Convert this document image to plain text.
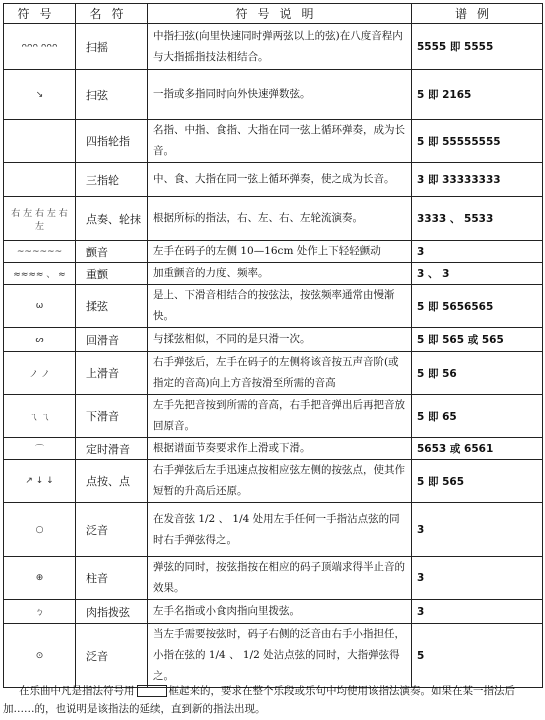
符号	名符	符号说明	谱例
ᴖᴖᴖ ᴖᴖᴖ	扫摇	中指扫弦(向里快速同时弹两弦以上的弦)在八度音程内与大指摇指技法相结合。	5555 即 5555
↘	扫弦	一指或多指同时向外快速弹数弦。	5 即 2165
	四指轮指	名指、中指、食指、大指在同一弦上循环弹奏，成为长音。	5 即 55555555
	三指轮	中、食、大指在同一弦上循环弹奏，使之成为长音。	3 即 33333333
右 左 右 左 右 左	点奏、轮抹	根据所标的指法，右、左、右、左轮流演奏。	3333 、 5533
~~~~~~	颤音	左手在码子的左侧 10—16cm 处作上下轻轻颤动	3
≈≈≈≈ 、 ≈	重颤	加重颤音的力度、频率。	3 、 3
ω	揉弦	是上、下滑音相结合的按弦法，按弦频率通常由慢渐快。	5 即 5656565
ᔕ	回滑音	与揉弦相似，不同的是只滑一次。	5 即 565 或 565
ノ ノ	上滑音	右手弹弦后，左手在码子的左侧将该音按五声音阶(或指定的音高)向上方音按滑至所需的音高	5 即 56
ㄟ ㄟ	下滑音	左手先把音按到所需的音高，右手把音弹出后再把音放回原音。	5 即 65
⌒	定时滑音	根据谱面节奏要求作上滑或下滑。	5653 或 6561
↗ ↓ ↓	点按、点	右手弹弦后左手迅速点按相应弦左侧的按弦点，使其作短暂的升高后还原。	5 即 565
○	泛音	在发音弦 1/2 、 1/4 处用左手任何一手指沾点弦的同时右手弹弦得之。	3
⊕	柱音	弹弦的同时，按弦指按在相应的码子顶端求得半止音的效果。	3
ㄅ	肉指拨弦	左手名指或小食肉指向里拨弦。	3
⊙	泛音	当左手需要按弦时，码子右侧的泛音由右手小指担任，小指在弦的 1/4 、 1/2 处沾点弦的同时，大指弹弦得之。	5
在乐曲中凡是指法符号用	框起来的，要求在整个乐段或乐句中均使用该指法演奏。如果在某一指法后加……的，也说明是该指法的延续，直到新的指法出现。
